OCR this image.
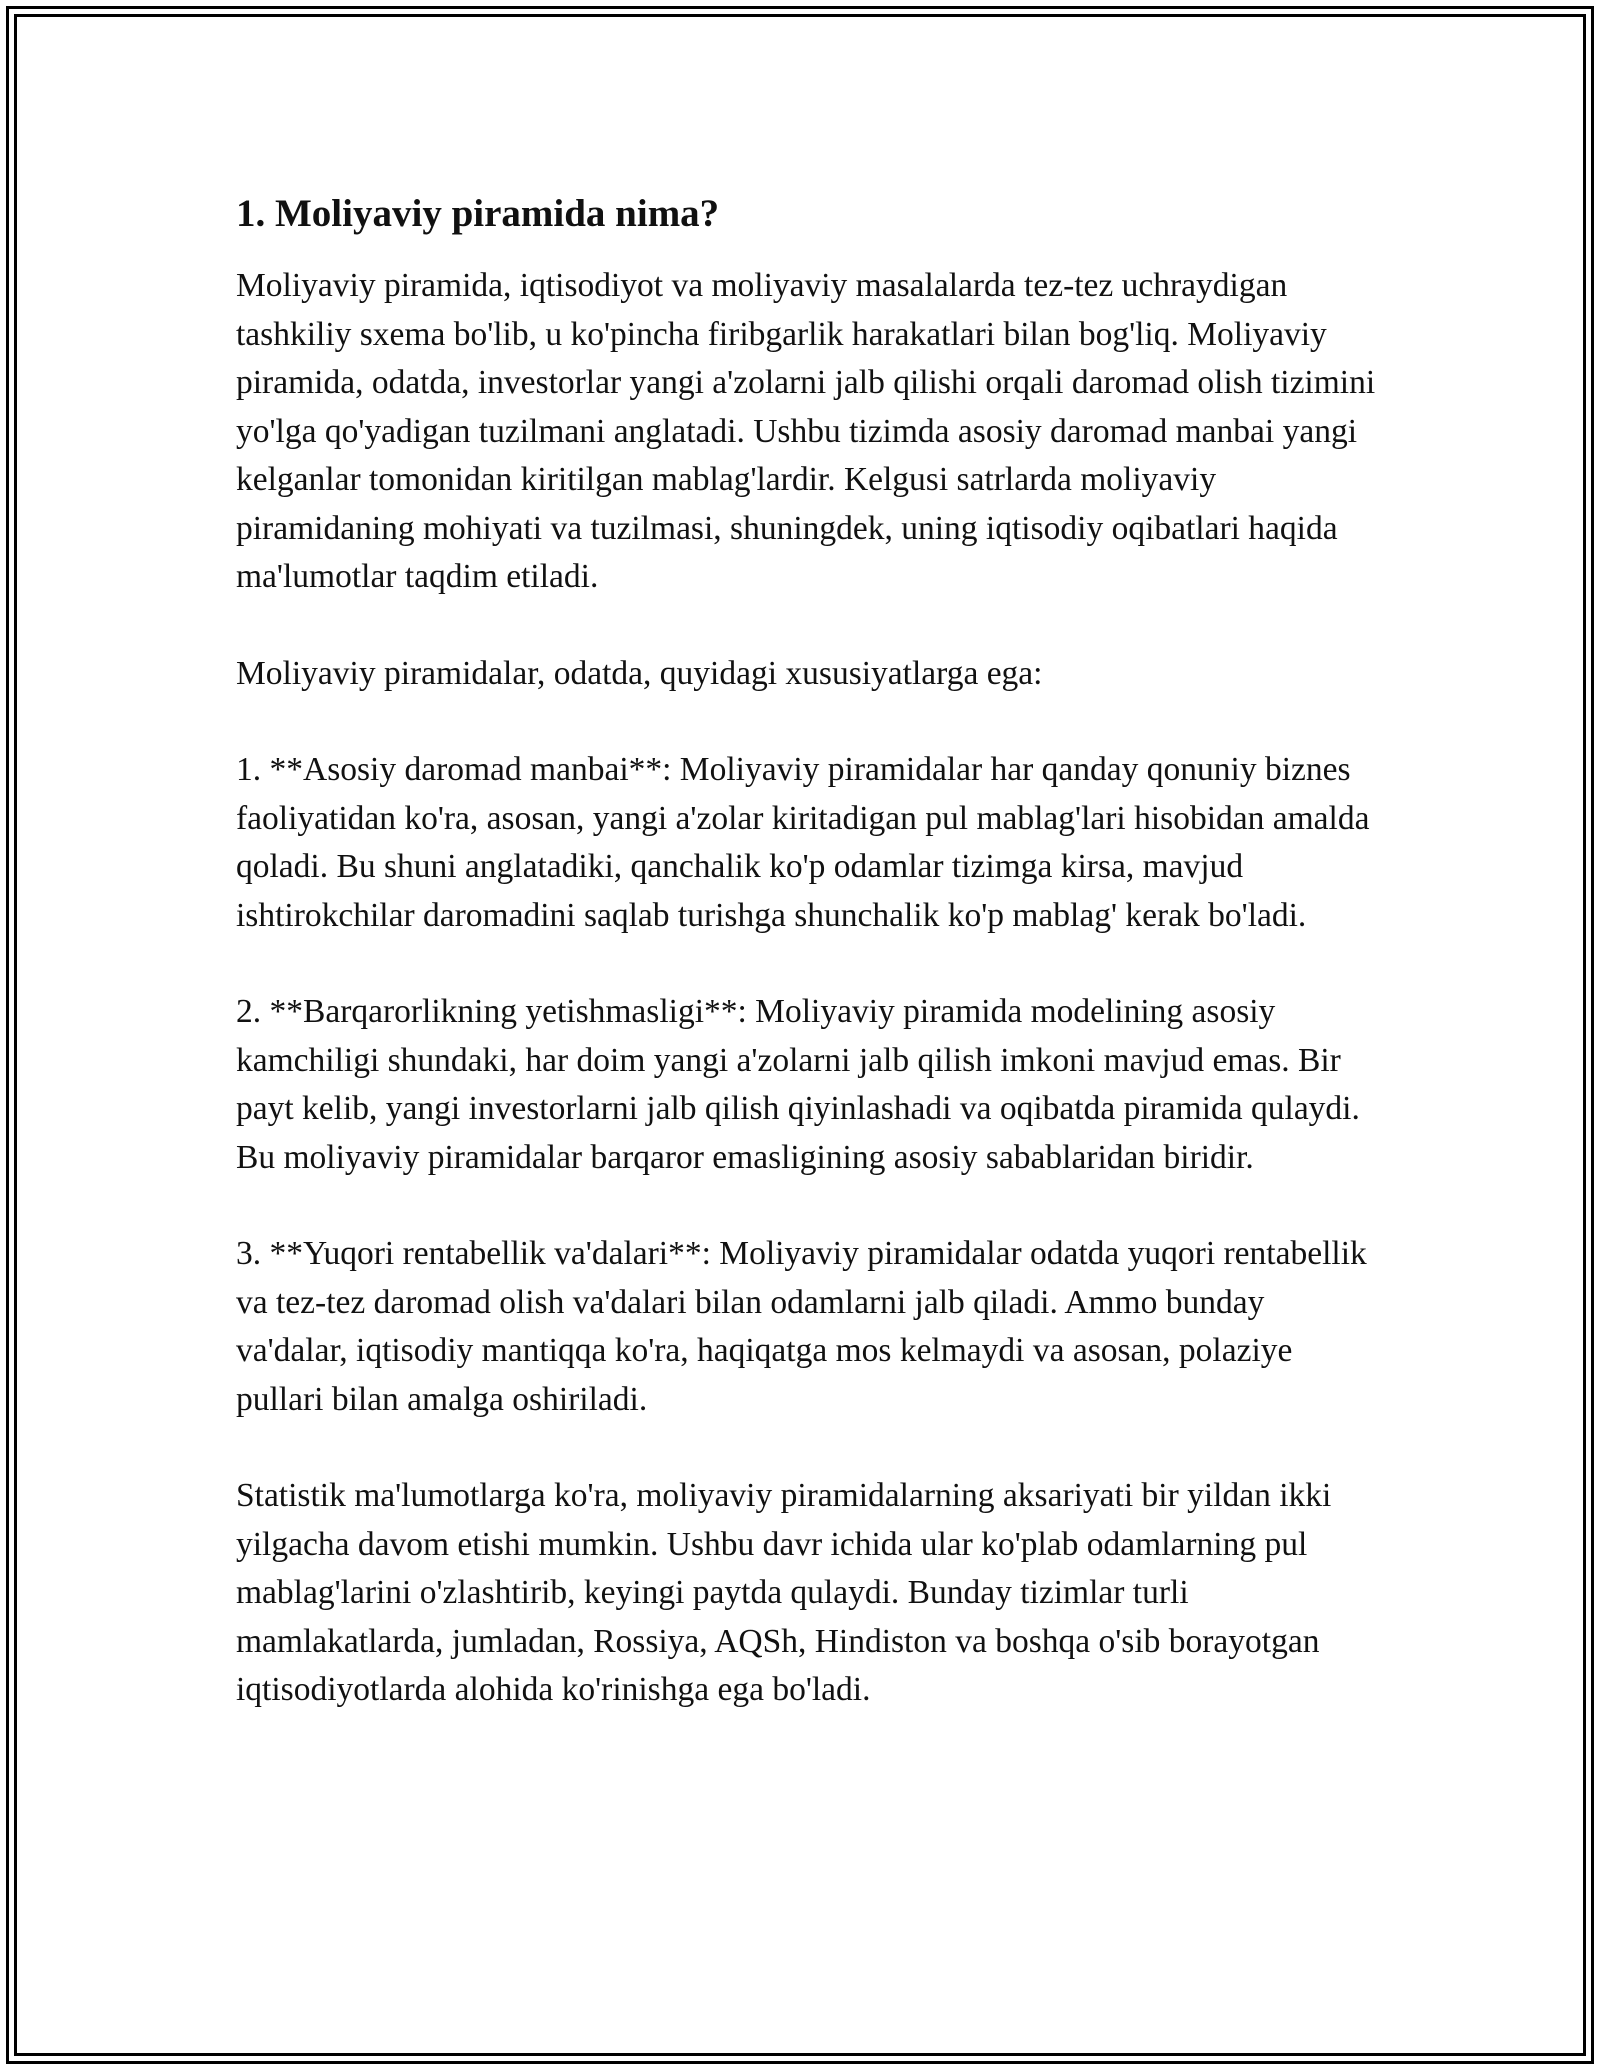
1. Moliyaviy piramida nima?

Moliyaviy piramida, iqtisodiyot va moliyaviy masalalarda tez-tez uchraydigan tashkiliy sxema bo'lib, u ko'pincha firibgarlik harakatlari bilan bog'liq. Moliyaviy piramida, odatda, investorlar yangi a'zolarni jalb qilishi orqali daromad olish tizimini yo'lga qo'yadigan tuzilmani anglatadi. Ushbu tizimda asosiy daromad manbai yangi kelganlar tomonidan kiritilgan mablag'lardir. Kelgusi satrlarda moliyaviy piramidaning mohiyati va tuzilmasi, shuningdek, uning iqtisodiy oqibatlari haqida ma'lumotlar taqdim etiladi.

Moliyaviy piramidalar, odatda, quyidagi xususiyatlarga ega:

1. **Asosiy daromad manbai**: Moliyaviy piramidalar har qanday qonuniy biznes faoliyatidan ko'ra, asosan, yangi a'zolar kiritadigan pul mablag'lari hisobidan amalda qoladi. Bu shuni anglatadiki, qanchalik ko'p odamlar tizimga kirsa, mavjud ishtirokchilar daromadini saqlab turishga shunchalik ko'p mablag' kerak bo'ladi.

2. **Barqarorlikning yetishmasligi**: Moliyaviy piramida modelining asosiy kamchiligi shundaki, har doim yangi a'zolarni jalb qilish imkoni mavjud emas. Bir payt kelib, yangi investorlarni jalb qilish qiyinlashadi va oqibatda piramida qulaydi. Bu moliyaviy piramidalar barqaror emasligining asosiy sabablaridan biridir.

3. **Yuqori rentabellik va'dalari**: Moliyaviy piramidalar odatda yuqori rentabellik va tez-tez daromad olish va'dalari bilan odamlarni jalb qiladi. Ammo bunday va'dalar, iqtisodiy mantiqqa ko'ra, haqiqatga mos kelmaydi va asosan, polaziye pullari bilan amalga oshiriladi.

Statistik ma'lumotlarga ko'ra, moliyaviy piramidalarning aksariyati bir yildan ikki yilgacha davom etishi mumkin. Ushbu davr ichida ular ko'plab odamlarning pul mablag'larini o'zlashtirib, keyingi paytda qulaydi. Bunday tizimlar turli mamlakatlarda, jumladan, Rossiya, AQSh, Hindiston va boshqa o'sib borayotgan iqtisodiyotlarda alohida ko'rinishga ega bo'ladi.
